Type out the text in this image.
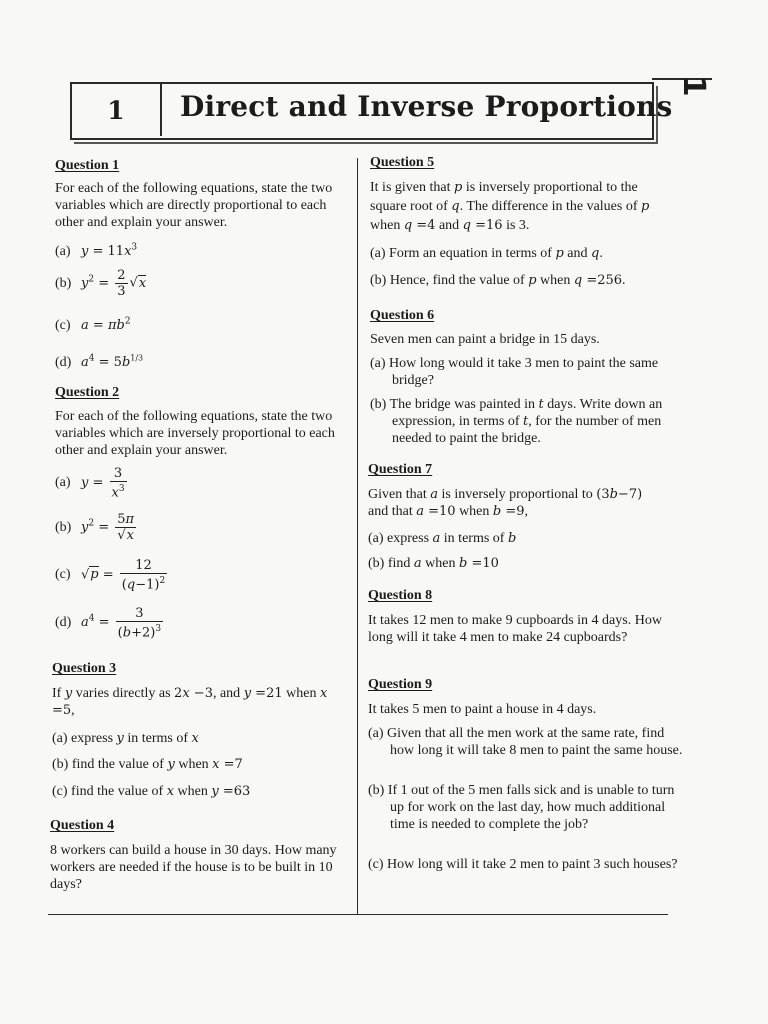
1	Direct and Inverse Proportions
1
Question 1
For each of the following equations, state the two variables which are directly proportional to each other and explain your answer.
(a) $y = 11x^3$
(b) $y^2 = \frac{2}{3} √x$
(c) $a = \pi b^2$
(d) $a^4 = 5b^{1/3}$
Question 2
For each of the following equations, state the two variables which are inversely proportional to each other and explain your answer.
(a) $y = \frac{3}{x^3}$
(b) $y^2 = \frac{5\pi}{√x}$
(c) $√p = \frac{12}{(q-1)^2}$
(d) $a^4 = \frac{3}{(b+2)^3}$
Question 3
If y varies directly as 2x −3, and y =21 when x =5,
(a) express y in terms of x
(b) find the value of y when x =7
(c) find the value of x when y =63
Question 4
8 workers can build a house in 30 days. How many workers are needed if the house is to be built in 10 days?
Question 5
It is given that p is inversely proportional to the square root of q. The difference in the values of p when q =4 and q =16 is 3.
(a) Form an equation in terms of p and q.
(b) Hence, find the value of p when q =256.
Question 6
Seven men can paint a bridge in 15 days.
(a) How long would it take 3 men to paint the same bridge?
(b) The bridge was painted in t days. Write down an expression, in terms of t, for the number of men needed to paint the bridge.
Question 7
Given that a is inversely proportional to (3b−7) and that a =10 when b =9,
(a) express a in terms of b
(b) find a when b =10
Question 8
It takes 12 men to make 9 cupboards in 4 days. How long will it take 4 men to make 24 cupboards?
Question 9
It takes 5 men to paint a house in 4 days.
(a) Given that all the men work at the same rate, find how long it will take 8 men to paint the same house.
(b) If 1 out of the 5 men falls sick and is unable to turn up for work on the last day, how much additional time is needed to complete the job?
(c) How long will it take 2 men to paint 3 such houses?
